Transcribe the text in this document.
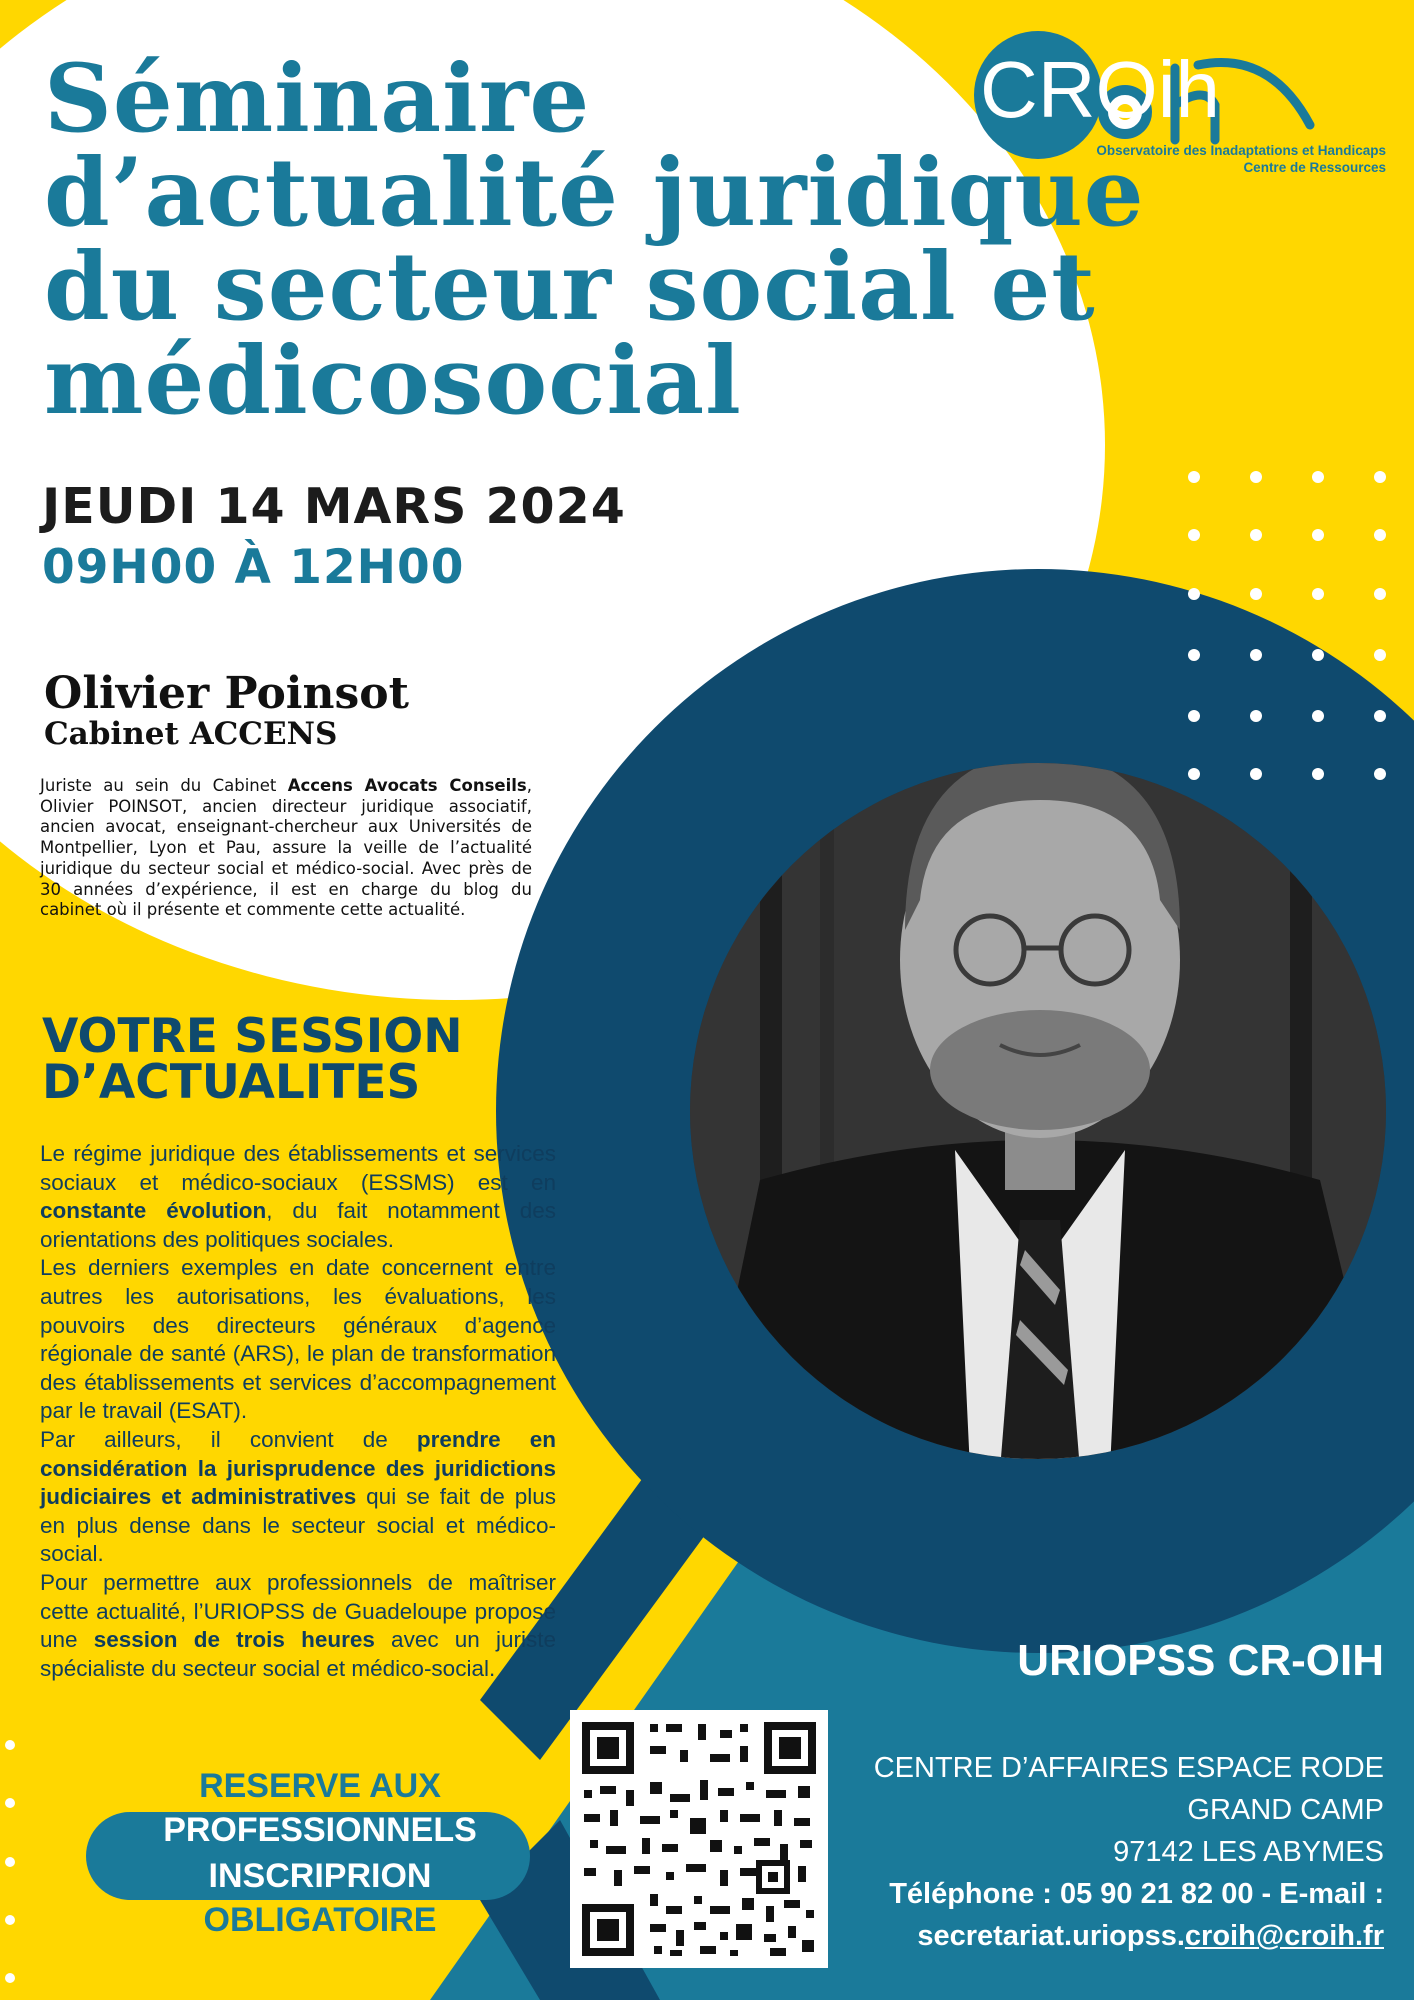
CROih
Observatoire des Inadaptations et Handicaps
Centre de Ressources
Séminaire
d’actualité juridique
du secteur social et
médicosocial
JEUDI 14 MARS 2024
09H00 À 12H00
Olivier Poinsot
Cabinet ACCENS

Juriste au sein du Cabinet Accens Avocats Conseils, Olivier POINSOT, ancien directeur juridique associatif, ancien avocat, enseignant-chercheur aux Universités de Montpellier, Lyon et Pau, assure la veille de l’actualité juridique du secteur social et médico-social. Avec près de 30 années d’expérience, il est en charge du blog du cabinet où il présente et commente cette actualité.

VOTRE SESSION
D’ACTUALITES

Le régime juridique des établissements et services sociaux et médico-sociaux (ESSMS) est en constante évolution, du fait notamment des orientations des politiques sociales.

Les derniers exemples en date concernent entre autres les autorisations, les évaluations, les pouvoirs des directeurs généraux d’agence régionale de santé (ARS), le plan de transformation des établissements et services d’accompagnement par le travail (ESAT).

Par ailleurs, il convient de prendre en considération la jurisprudence des juridictions judiciaires et administratives qui se fait de plus en plus dense dans le secteur social et médico-social.

Pour permettre aux professionnels de maîtriser cette actualité, l’URIOPSS de Guadeloupe propose une session de trois heures avec un juriste spécialiste du secteur social et médico-social.

RESERVE AUX
PROFESSIONNELS
INSCRIPRION
OBLIGATOIRE
URIOPSS CR-OIH
CENTRE D’AFFAIRES ESPACE RODE
GRAND CAMP
97142 LES ABYMES
Téléphone : 05 90 21 82 00 - E-mail :
secretariat.uriopss.croih@croih.fr
